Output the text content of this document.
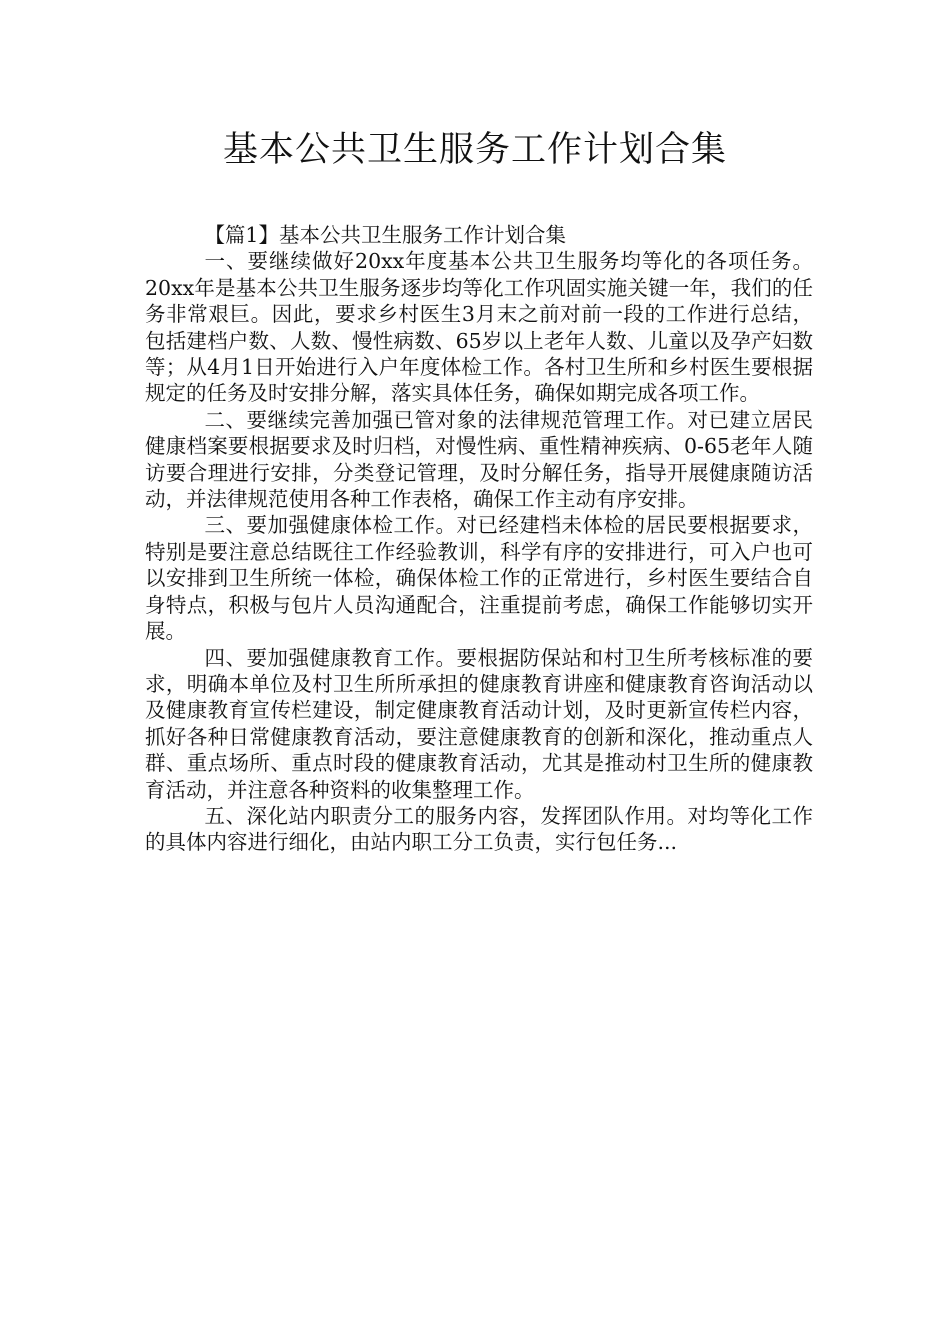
基本公共卫生服务工作计划合集

【篇1】基本公共卫生服务工作计划合集

一、要继续做好20xx年度基本公共卫生服务均等化的各项任务。20xx年是基本公共卫生服务逐步均等化工作巩固实施关键一年，我们的任务非常艰巨。因此，要求乡村医生3月末之前对前一段的工作进行总结，包括建档户数、人数、慢性病数、65岁以上老年人数、儿童以及孕产妇数等；从4月1日开始进行入户年度体检工作。各村卫生所和乡村医生要根据规定的任务及时安排分解，落实具体任务，确保如期完成各项工作。

二、要继续完善加强已管对象的法律规范管理工作。对已建立居民健康档案要根据要求及时归档，对慢性病、重性精神疾病、0-65老年人随访要合理进行安排，分类登记管理，及时分解任务，指导开展健康随访活动，并法律规范使用各种工作表格，确保工作主动有序安排。

三、要加强健康体检工作。对已经建档未体检的居民要根据要求，特别是要注意总结既往工作经验教训，科学有序的安排进行，可入户也可以安排到卫生所统一体检，确保体检工作的正常进行，乡村医生要结合自身特点，积极与包片人员沟通配合，注重提前考虑，确保工作能够切实开展。

四、要加强健康教育工作。要根据防保站和村卫生所考核标准的要求，明确本单位及村卫生所所承担的健康教育讲座和健康教育咨询活动以及健康教育宣传栏建设，制定健康教育活动计划，及时更新宣传栏内容，抓好各种日常健康教育活动，要注意健康教育的创新和深化，推动重点人群、重点场所、重点时段的健康教育活动，尤其是推动村卫生所的健康教育活动，并注意各种资料的收集整理工作。

五、深化站内职责分工的服务内容，发挥团队作用。对均等化工作的具体内容进行细化，由站内职工分工负责，实行包任务...
